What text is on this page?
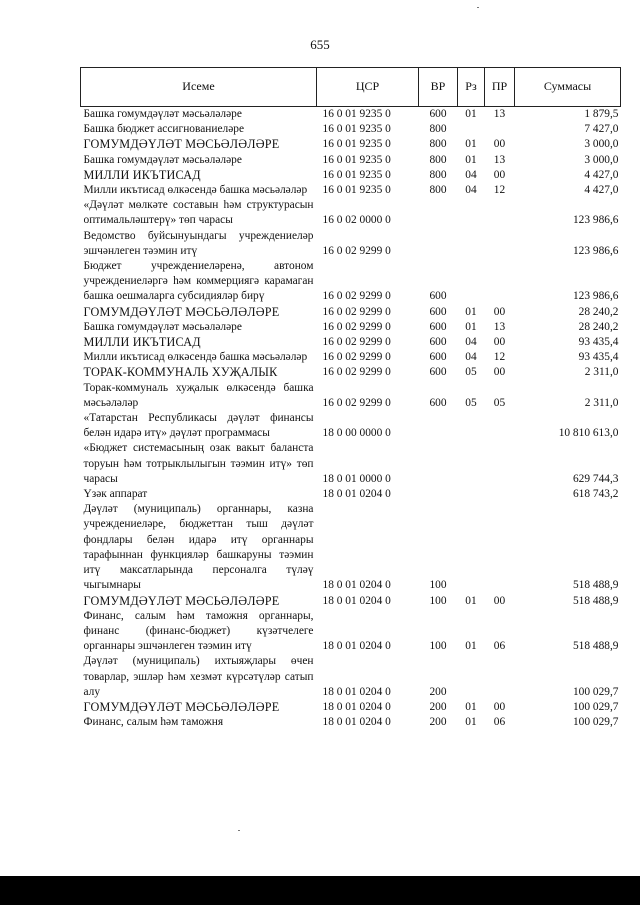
655
Исеме	ЦСР	ВР	Рз	ПР	Суммасы
Башка гомумдәүләт мәсьәләләре	16 0 01 9235 0	600	01	13	1 879,5
Башка бюджет ассигнованиеләре	16 0 01 9235 0	800			7 427,0
ГОМУМДӘҮЛӘТ МӘСЬӘЛӘЛӘРЕ	16 0 01 9235 0	800	01	00	3 000,0
Башка гомумдәүләт мәсьәләләре	16 0 01 9235 0	800	01	13	3 000,0
МИЛЛИ ИКЪТИСАД	16 0 01 9235 0	800	04	00	4 427,0
Милли икътисад өлкәсендә башка мәсьәләләр	16 0 01 9235 0	800	04	12	4 427,0
«Дәүләт мөлкәте составын һәм структурасын оптимальләштерү» төп чарасы	16 0 02 0000 0				123 986,6
Ведомство буйсынуындагы учреждениеләр эшчәнлеген тәэмин итү	16 0 02 9299 0				123 986,6
Бюджет учреждениеләренә, автоном учреждениеләргә һәм коммерциягә карамаган башка оешмаларга субсидияләр бирү	16 0 02 9299 0	600			123 986,6
ГОМУМДӘҮЛӘТ МӘСЬӘЛӘЛӘРЕ	16 0 02 9299 0	600	01	00	28 240,2
Башка гомумдәүләт мәсьәләләре	16 0 02 9299 0	600	01	13	28 240,2
МИЛЛИ ИКЪТИСАД	16 0 02 9299 0	600	04	00	93 435,4
Милли икътисад өлкәсендә башка мәсьәләләр	16 0 02 9299 0	600	04	12	93 435,4
ТОРАК-КОММУНАЛЬ ХУҖАЛЫК	16 0 02 9299 0	600	05	00	2 311,0
Торак-коммуналь хуҗалык өлкәсендә башка мәсьәләләр	16 0 02 9299 0	600	05	05	2 311,0
«Татарстан Республикасы дәүләт финансы белән идарә итү» дәүләт программасы	18 0 00 0000 0				10 810 613,0
«Бюджет системасының озак вакыт баланста торуын һәм тотрыклылыгын тәэмин итү» төп чарасы	18 0 01 0000 0				629 744,3
Үзәк аппарат	18 0 01 0204 0				618 743,2
Дәүләт (муниципаль) органнары, казна учреждениеләре, бюджеттан тыш дәүләт фондлары белән идарә итү органнары тарафыннан функцияләр башкаруны тәэмин итү максатларында персоналга түләү чыгымнары	18 0 01 0204 0	100			518 488,9
ГОМУМДӘҮЛӘТ МӘСЬӘЛӘЛӘРЕ	18 0 01 0204 0	100	01	00	518 488,9
Финанс, салым һәм таможня органнары, финанс (финанс-бюджет) күзәтчелеге органнары эшчәнлеген тәэмин итү	18 0 01 0204 0	100	01	06	518 488,9
Дәүләт (муниципаль) ихтыяҗлары өчен товарлар, эшләр һәм хезмәт күрсәтүләр сатып алу	18 0 01 0204 0	200			100 029,7
ГОМУМДӘҮЛӘТ МӘСЬӘЛӘЛӘРЕ	18 0 01 0204 0	200	01	00	100 029,7
Финанс, салым һәм таможня	18 0 01 0204 0	200	01	06	100 029,7
